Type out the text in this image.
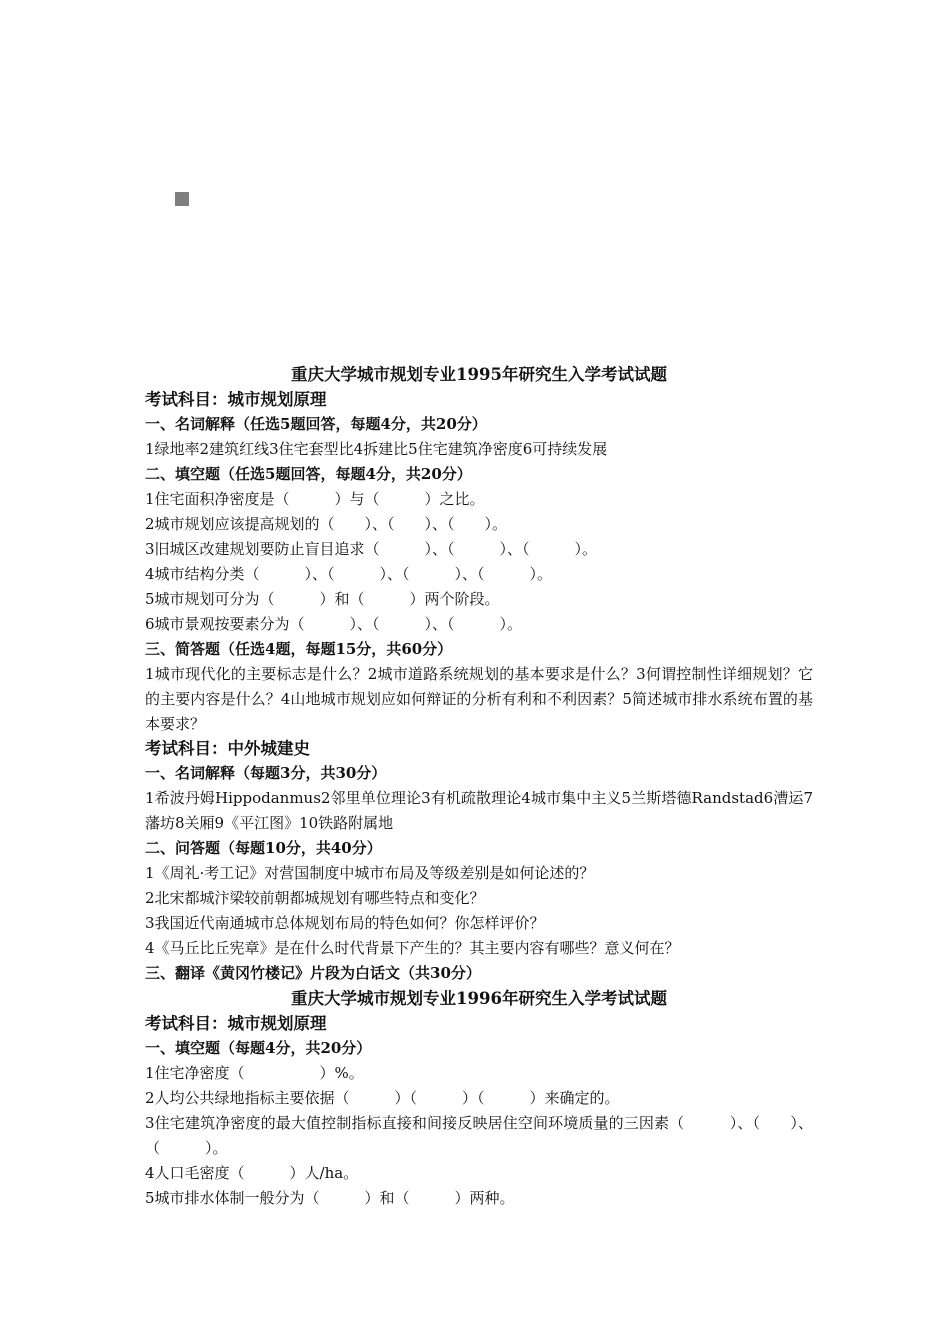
重庆大学城市规划专业1995年研究生入学考试试题
考试科目：城市规划原理
一、名词解释（任选5题回答，每题4分，共20分）
1绿地率2建筑红线3住宅套型比4拆建比5住宅建筑净密度6可持续发展
二、填空题（任选5题回答，每题4分，共20分）
1住宅面积净密度是（　　　）与（　　　）之比。
2城市规划应该提高规划的（　　）、（　　）、（　　）。
3旧城区改建规划要防止盲目追求（　　　）、（　　　）、（　　　）。
4城市结构分类（　　　）、（　　　）、（　　　）、（　　　）。
5城市规划可分为（　　　）和（　　　）两个阶段。
6城市景观按要素分为（　　　）、（　　　）、（　　　）。
三、简答题（任选4题，每题15分，共60分）
1城市现代化的主要标志是什么？2城市道路系统规划的基本要求是什么？3何谓控制性详细规划？它的主要内容是什么？4山地城市规划应如何辩证的分析有利和不利因素？5简述城市排水系统布置的基本要求？
考试科目：中外城建史
一、名词解释（每题3分，共30分）
1希波丹姆Hippodanmus2邻里单位理论3有机疏散理论4城市集中主义5兰斯塔德Randstad6漕运7藩坊8关厢9《平江图》10铁路附属地
二、问答题（每题10分，共40分）
1《周礼·考工记》对营国制度中城市布局及等级差别是如何论述的？
2北宋都城汴梁较前朝都城规划有哪些特点和变化？
3我国近代南通城市总体规划布局的特色如何？你怎样评价？
4《马丘比丘宪章》是在什么时代背景下产生的？其主要内容有哪些？意义何在？
三、翻译《黄冈竹楼记》片段为白话文（共30分）
重庆大学城市规划专业1996年研究生入学考试试题
考试科目：城市规划原理
一、填空题（每题4分，共20分）
1住宅净密度（　　　　　）%。
2人均公共绿地指标主要依据（　　　）（　　　）（　　　）来确定的。
3住宅建筑净密度的最大值控制指标直接和间接反映居住空间环境质量的三因素（　　　）、（　　）、（　　　）。
4人口毛密度（　　　）人/ha。
5城市排水体制一般分为（　　　）和（　　　）两种。
